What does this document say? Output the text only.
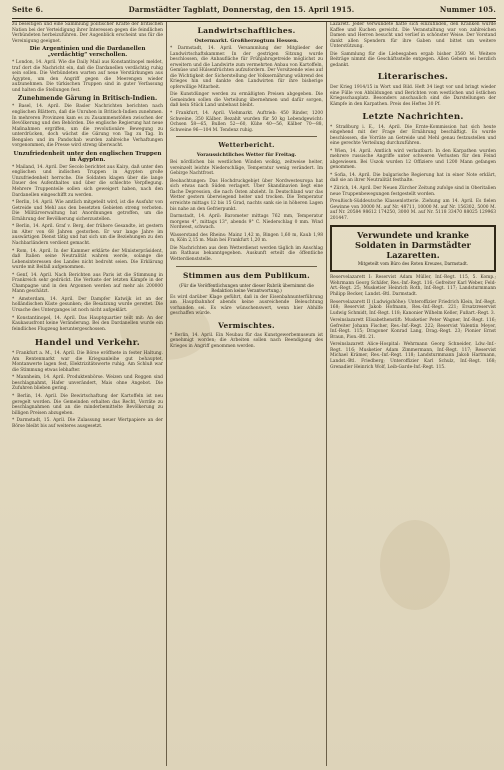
Seite 6.	Darmstädter Tagblatt, Donnerstag, den 15. April 1915.	Nummer 105.

zu beseitigen und eine Sammlung politischer Kräfte der britischen Nation bei der Verteidigung ihrer Interessen gegen die feindlichen Verbündeten herbeizuführen. Der Augenblick erscheint uns für die Vereinigung geeignet.

Die Argentinien und die Dardanellen „verdächtig“ verschollen.

* London, 14. April. Wie die Daily Mail aus Konstantinopel meldet, traf dort die Nachricht ein, daß die Dardanellen verdächtig ruhig sein sollen. Die Verbündeten warten auf neue Verstärkungen aus Ägypten, um den Angriff gegen die Meerengen wieder aufzunehmen. Die türkischen Truppen sind in guter Verfassung und halten die Stellungen fest.

Zunehmende Gärung in Britisch-Indien.

* Basel, 14. April. Die Basler Nachrichten berichten nach englischen Blättern, daß die Unruhen in Britisch-Indien zunehmen. In mehreren Provinzen kam es zu Zusammenstößen zwischen der Bevölkerung und den Behörden. Die englische Regierung hat neue Maßnahmen ergriffen, um die revolutionäre Bewegung zu unterdrücken, doch wächst die Gärung von Tag zu Tag. In Bengalen und im Pandschab wurden zahlreiche Verhaftungen vorgenommen, die Presse wird streng überwacht.

Unzufriedenheit unter den englischen Truppen in Ägypten.

* Mailand, 14. April. Der Secolo berichtet aus Kairo, daß unter den englischen und indischen Truppen in Ägypten große Unzufriedenheit herrsche. Die Soldaten klagen über die lange Dauer des Aufenthaltes und über die schlechte Verpflegung. Mehrere Truppenteile sollen sich geweigert haben, nach den Dardanellen eingeschifft zu werden.

* Berlin, 14. April. Wie amtlich mitgeteilt wird, ist die Ausfuhr von Getreide und Mehl aus den besetzten Gebieten streng verboten. Die Militärverwaltung hat Anordnungen getroffen, um die Ernährung der Bevölkerung sicherzustellen.

* Berlin, 14. April. Graf v. Berg, der frühere Gesandte, ist gestern im Alter von 68 Jahren gestorben. Er war lange Jahre im auswärtigen Dienst tätig und hat sich um die Beziehungen zu den Nachbarländern verdient gemacht.

* Rom, 14. April. In der Kammer erklärte der Ministerpräsident, daß Italien seine Neutralität wahren werde, solange die Lebensinteressen des Landes nicht bedroht seien. Die Erklärung wurde mit Beifall aufgenommen.

* Genf, 14. April. Nach Berichten aus Paris ist die Stimmung in Frankreich sehr gedrückt. Die Verluste der letzten Kämpfe in der Champagne und in den Argonnen werden auf mehr als 200000 Mann geschätzt.

* Amsterdam, 14. April. Der Dampfer Katwijk ist an der holländischen Küste gesunken; die Besatzung wurde gerettet. Die Ursache des Unterganges ist noch nicht aufgeklärt.

* Konstantinopel, 14. April. Das Hauptquartier teilt mit: An der Kaukasusfront keine Veränderung. Bei den Dardanellen wurde ein feindliches Flugzeug heruntergeschossen.

Handel und Verkehr.

* Frankfurt a. M., 14. April. Die Börse eröffnete in fester Haltung. Am Rentenmarkt war die Kriegsanleihe gut behauptet, Montanwerte lagen fest, Elektrizitätswerte ruhig. Am Schluß war die Stimmung etwas lebhafter.

* Mannheim, 14. April. Produktenbörse. Weizen und Roggen sind beschlagnahmt, Hafer unverändert, Mais ohne Angebot. Die Zufuhren blieben gering.

* Berlin, 14. April. Die Bewirtschaftung der Kartoffeln ist neu geregelt worden. Die Gemeinden erhalten das Recht, Vorräte zu beschlagnahmen und an die minderbemittelte Bevölkerung zu billigen Preisen abzugeben.

* Darmstadt, 15. April. Die Zulassung neuer Wertpapiere an der Börse bleibt bis auf weiteres ausgesetzt.

Landwirtschaftliches.
Ostermarkt. Großherzogtum Hessen.

* Darmstadt, 14. April. Versammlung der Mitglieder der Landwirtschaftskammer. In der gestrigen Sitzung wurde beschlossen, die Anbaufläche für Frühjahrsgetreide möglichst zu erweitern und die Landwirte zum vermehrten Anbau von Kartoffeln, Gemüse und Hülsenfrüchten aufzufordern. Der Vorsitzende wies auf die Wichtigkeit der Sicherstellung der Volksernährung während des Krieges hin und dankte den Landwirten für ihre bisherige opferwillige Mitarbeit.

Die Kunstdünger werden zu ermäßigten Preisen abgegeben. Die Gemeinden sollen die Verteilung übernehmen und dafür sorgen, daß kein Stück Land unbebaut bleibt.

* Frankfurt, 14. April. Viehmarkt. Auftrieb: 450 Rinder, 1200 Schweine, 350 Kälber. Bezahlt wurden für 50 kg Lebendgewicht: Ochsen 58—65, Bullen 52—60, Kühe 40—56, Kälber 70—88, Schweine 96—104 M. Tendenz ruhig.

Wetterbericht.
Voraussichtliches Wetter für Freitag.

Bei nördlichen bis westlichen Winden wolkig, zeitweise heiter, vereinzelt leichte Niederschläge, Temperatur wenig verändert. Im Gebirge Nachtfrost.

Beobachtungen: Das Hochdruckgebiet über Nordwesteuropa hat sich etwas nach Süden verlagert. Über Skandinavien liegt eine flache Depression, die nach Osten abzieht. In Deutschland war das Wetter gestern überwiegend heiter und trocken. Die Temperatur erreichte mittags 12 bis 15 Grad, nachts sank sie in höheren Lagen bis nahe an den Gefrierpunkt.

Darmstadt, 14. April: Barometer mittags 762 mm, Temperatur morgens 4°, mittags 13°, abends 9° C. Niederschlag 0 mm. Wind Nordwest, schwach.

Wasserstand des Rheins: Mainz 1,42 m, Bingen 1,60 m, Kaub 1,98 m, Köln 2,15 m. Main bei Frankfurt 1,20 m.

Die Nachrichten aus dem Wetterdienst werden täglich im Anschlag am Rathaus bekanntgegeben. Auskunft erteilt die öffentliche Wetterdienststelle.

Stimmen aus dem Publikum.
(Für die Veröffentlichungen unter dieser Rubrik übernimmt die Redaktion keine Verantwortung.)

Es wird darüber Klage geführt, daß in der Eisenbahnunterführung am Hauptbahnhof abends keine ausreichende Beleuchtung vorhanden sei. Es wäre wünschenswert, wenn hier Abhilfe geschaffen würde.

Vermischtes.

* Berlin, 14. April. Ein Neubau für das Kunstgewerbemuseum ist genehmigt worden; die Arbeiten sollen nach Beendigung des Krieges in Angriff genommen werden.

Lazarett. Jeder Verwundete hatte sich einzufinden, den Kranken wurde Kaffee und Kuchen gereicht. Die Veranstaltung war von zahlreichen Damen und Herren besucht und verlief in schönster Weise. Der Vorstand dankt allen Spendern für ihre Gaben und bittet um weitere Unterstützung.

Die Sammlung für die Liebesgaben ergab bisher 3560 M. Weitere Beiträge nimmt die Geschäftsstelle entgegen. Allen Gebern sei herzlich gedankt.

Literarisches.

Der Krieg 1914/15 in Wort und Bild. Heft 34 liegt vor und bringt wieder eine Fülle von Abbildungen und Berichten vom westlichen und östlichen Kriegsschauplatz. Besonders anschaulich sind die Darstellungen der Kämpfe in den Karpathen. Preis des Heftes 30 Pf.

Letzte Nachrichten.

* Straßburg i. E., 14. April. Die Ernte-Kommission hat sich heute eingehend mit der Frage der Ernährung beschäftigt. Es wurde beschlossen, die Vorräte an Getreide und Mehl genau festzustellen und eine gerechte Verteilung durchzuführen.

* Wien, 14. April. Amtlich wird verlautbart: In den Karpathen wurden mehrere russische Angriffe unter schweren Verlusten für den Feind abgewiesen. Bei Uszok wurden 12 Offiziere und 1200 Mann gefangen genommen.

* Sofia, 14. April. Die bulgarische Regierung hat in einer Note erklärt, daß sie an ihrer Neutralität festhalte.

* Zürich, 14. April. Der Neuen Zürcher Zeitung zufolge sind in Oberitalien neue Truppenbewegungen festgestellt worden.

Preußisch-Süddeutsche Klassenlotterie. Ziehung am 14. April. Es fielen Gewinne von 30000 M. auf Nr. 48711, 10000 M. auf Nr. 156302, 5000 M. auf Nr. 20584 98612 174250, 3000 M. auf Nr. 5118 33470 88025 129963 201447.

Verwundete und kranke Soldaten in Darmstädter Lazaretten.
Mitgeteilt vom Büro des Roten Kreuzes, Darmstadt.

Reservelazarett I: Reservist Adam Müller, Inf.-Regt. 115, 5. Komp.; Wehrmann Georg Schäfer, Res.-Inf.-Regt. 116; Gefreiter Karl Weber, Feld-Art.-Regt. 25; Musketier Heinrich Roth, Inf.-Regt. 117; Landsturmmann Philipp Becker, Landst.-Btl. Darmstadt.

Reservelazarett II (Ludwigshöhe): Unteroffizier Friedrich Klein, Inf.-Regt. 168; Reservist Jakob Hofmann, Res.-Inf.-Regt. 221; Ersatzreservist Ludwig Schmidt, Inf.-Regt. 118; Kanonier Wilhelm Keller, Fußart.-Regt. 3.

Vereinslazarett Elisabethenstift: Musketier Peter Wagner, Inf.-Regt. 116; Gefreiter Johann Fischer, Res.-Inf.-Regt. 222; Reservist Valentin Meyer, Inf.-Regt. 115; Dragoner Konrad Lang, Drag.-Regt. 23; Pionier Ernst Braun, Pion.-Btl. 21.

Vereinslazarett Alice-Hospital: Wehrmann Georg Schneider, Ldw.-Inf.-Regt. 116; Musketier Adam Zimmermann, Inf.-Regt. 117; Reservist Michael Krämer, Res.-Inf.-Regt. 118; Landsturmmann Jakob Hartmann, Landst.-Btl. Friedberg; Unteroffizier Karl Schulz, Inf.-Regt. 168; Grenadier Heinrich Wolf, Leib-Garde-Inf.-Regt. 115.
